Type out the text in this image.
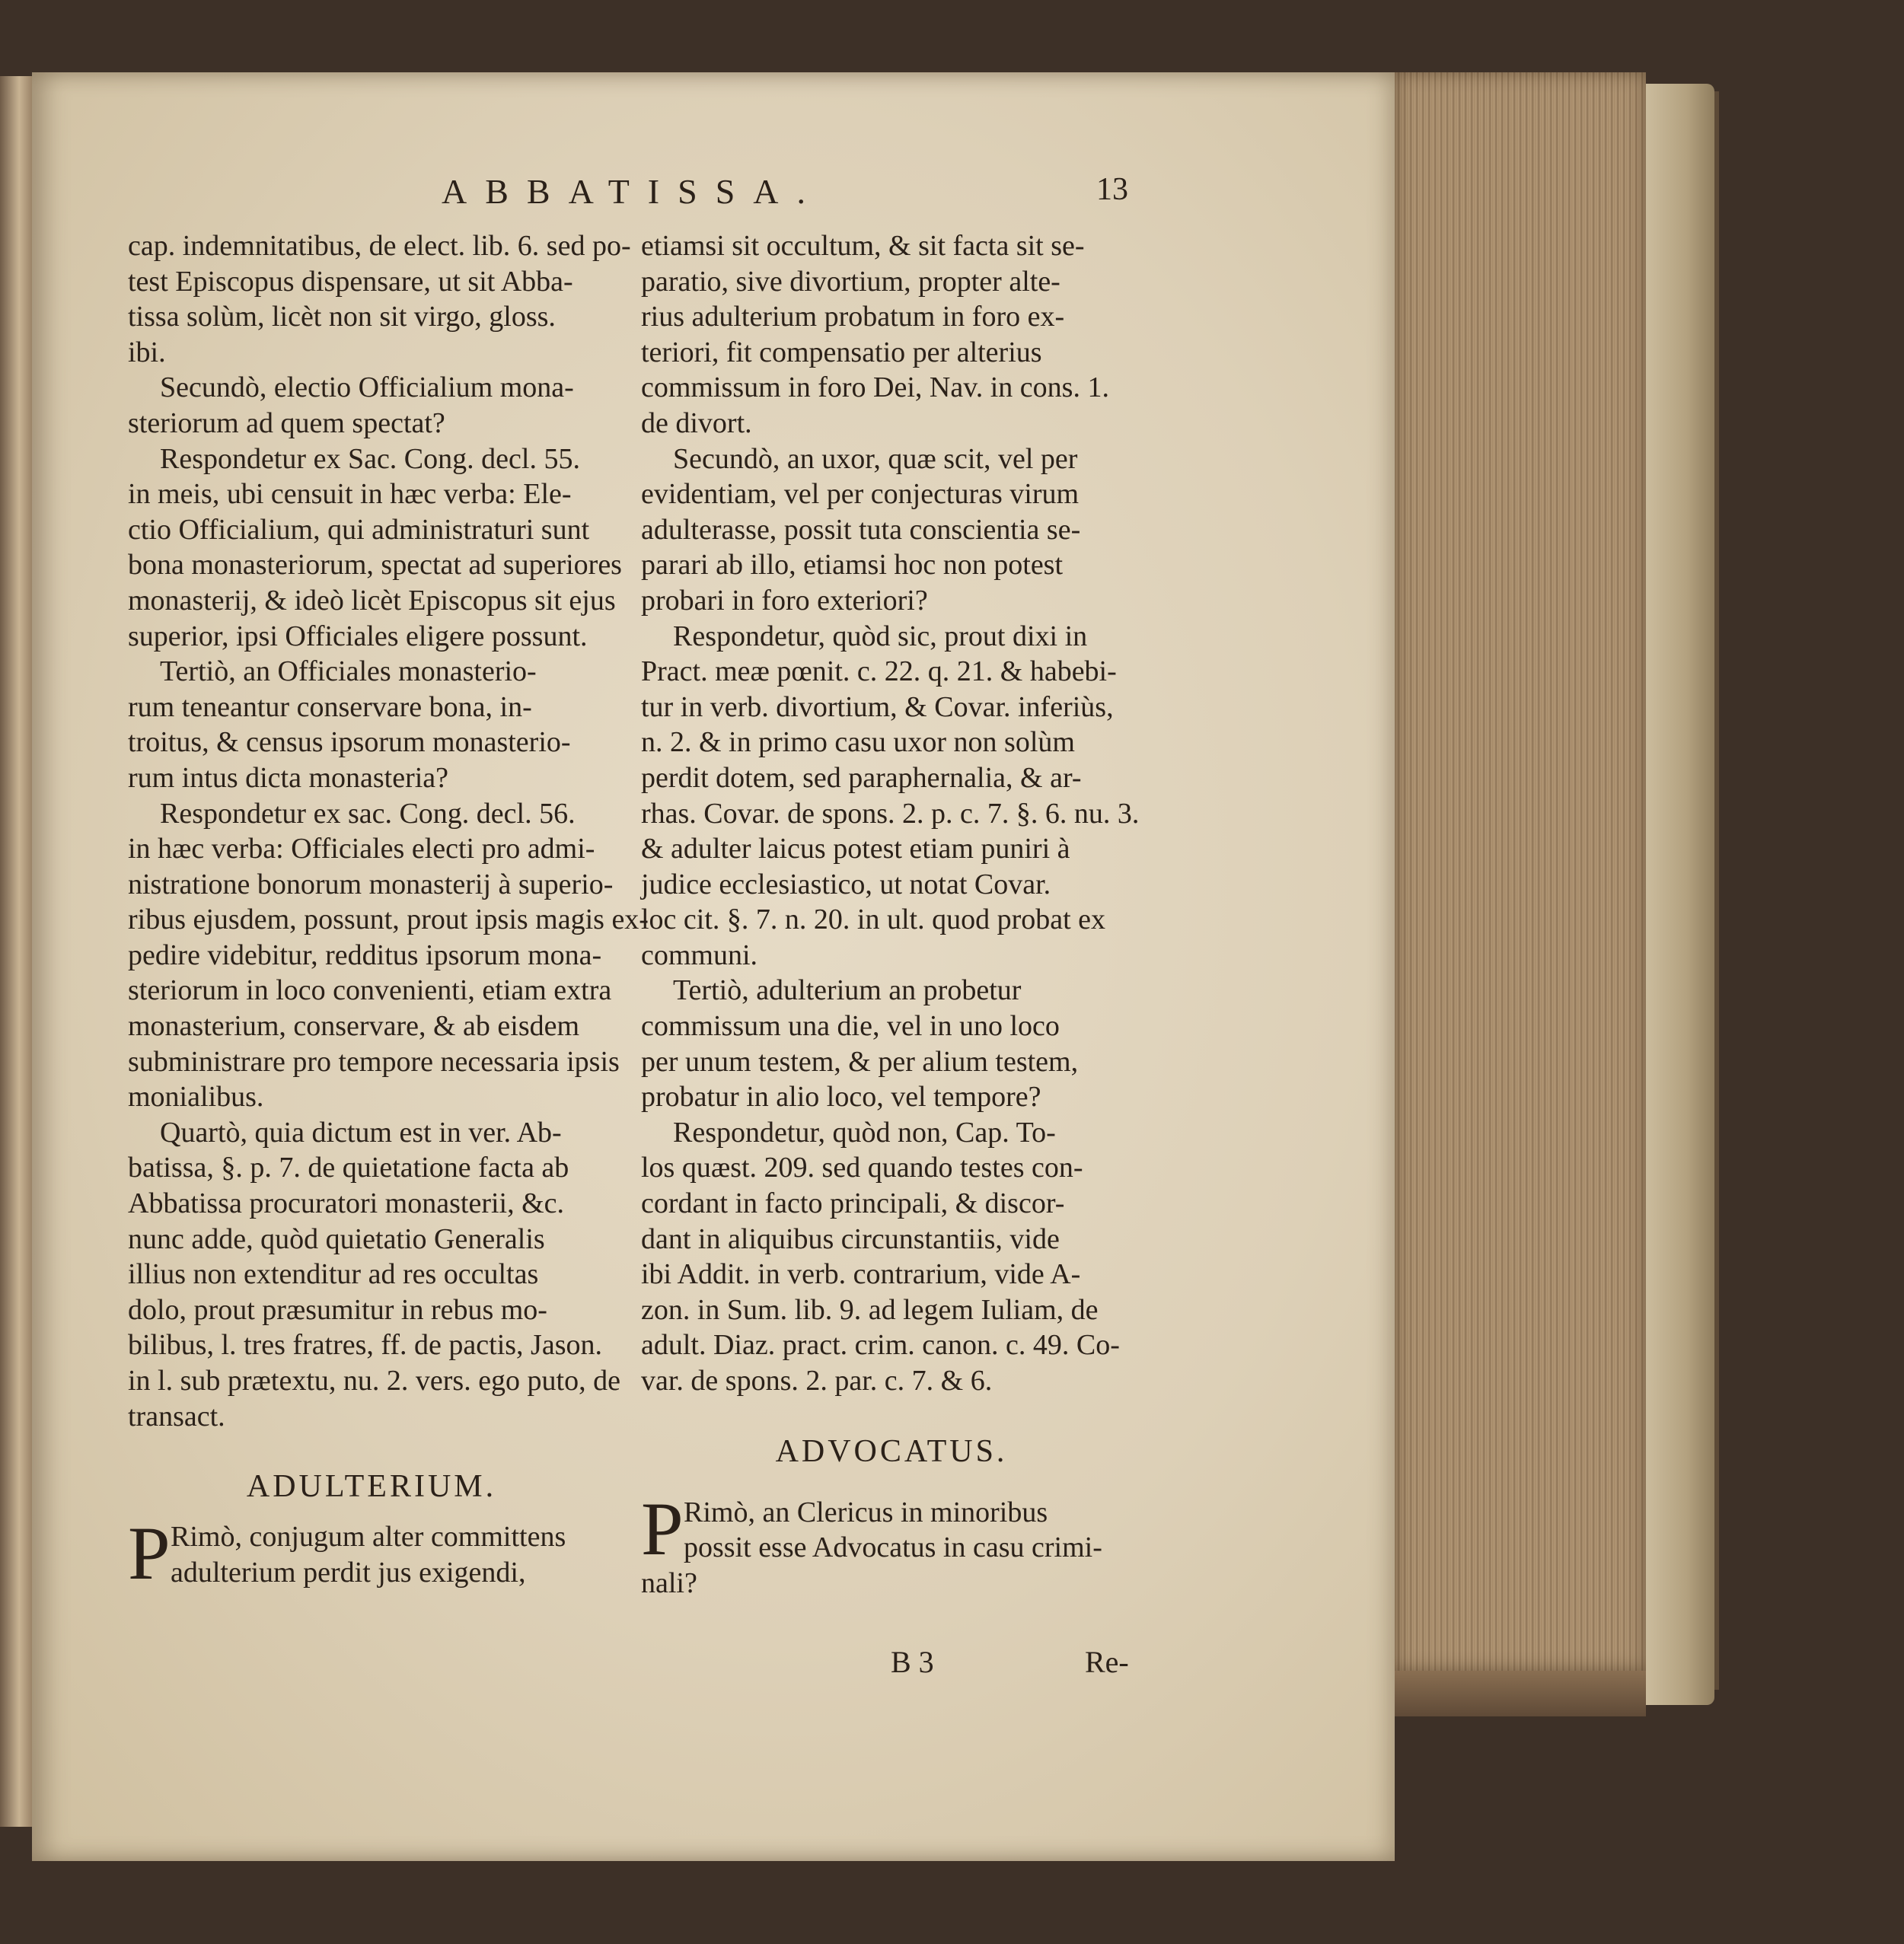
ABBATISSA.	13
cap. indemnitatibus, de elect. lib. 6. sed po-
test Episcopus dispensare, ut sit Abba-
tissa solùm, licèt non sit virgo, gloss.
ibi.
Secundò, electio Officialium mona-
steriorum ad quem spectat?
Respondetur ex Sac. Cong. decl. 55.
in meis, ubi censuit in hæc verba: Ele-
ctio Officialium, qui administraturi sunt
bona monasteriorum, spectat ad superiores
monasterij, & ideò licèt Episcopus sit ejus
superior, ipsi Officiales eligere possunt.
Tertiò, an Officiales monasterio-
rum teneantur conservare bona, in-
troitus, & census ipsorum monasterio-
rum intus dicta monasteria?
Respondetur ex sac. Cong. decl. 56.
in hæc verba: Officiales electi pro admi-
nistratione bonorum monasterij à superio-
ribus ejusdem, possunt, prout ipsis magis ex-
pedire videbitur, redditus ipsorum mona-
steriorum in loco convenienti, etiam extra
monasterium, conservare, & ab eisdem
subministrare pro tempore necessaria ipsis
monialibus.
Quartò, quia dictum est in ver. Ab-
batissa, §. p. 7. de quietatione facta ab
Abbatissa procuratori monasterii, &c.
nunc adde, quòd quietatio Generalis
illius non extenditur ad res occultas
dolo, prout præsumitur in rebus mo-
bilibus, l. tres fratres, ff. de pactis, Jason.
in l. sub prætextu, nu. 2. vers. ego puto, de
transact.
ADULTERIUM.
P Rimò, conjugum alter committens
adulterium perdit jus exigendi,
etiamsi sit occultum, & sit facta sit se-
paratio, sive divortium, propter alte-
rius adulterium probatum in foro ex-
teriori, fit compensatio per alterius
commissum in foro Dei, Nav. in cons. 1.
de divort.
Secundò, an uxor, quæ scit, vel per
evidentiam, vel per conjecturas virum
adulterasse, possit tuta conscientia se-
parari ab illo, etiamsi hoc non potest
probari in foro exteriori?
Respondetur, quòd sic, prout dixi in
Pract. meæ pœnit. c. 22. q. 21. & habebi-
tur in verb. divortium, & Covar. inferiùs,
n. 2. & in primo casu uxor non solùm
perdit dotem, sed paraphernalia, & ar-
rhas. Covar. de spons. 2. p. c. 7. §. 6. nu. 3.
& adulter laicus potest etiam puniri à
judice ecclesiastico, ut notat Covar.
loc cit. §. 7. n. 20. in ult. quod probat ex
communi.
Tertiò, adulterium an probetur
commissum una die, vel in uno loco
per unum testem, & per alium testem,
probatur in alio loco, vel tempore?
Respondetur, quòd non, Cap. To-
los quæst. 209. sed quando testes con-
cordant in facto principali, & discor-
dant in aliquibus circunstantiis, vide
ibi Addit. in verb. contrarium, vide A-
zon. in Sum. lib. 9. ad legem Iuliam, de
adult. Diaz. pract. crim. canon. c. 49. Co-
var. de spons. 2. par. c. 7. & 6.
ADVOCATUS.
P Rimò, an Clericus in minoribus
possit esse Advocatus in casu crimi-
nali?
B 3	Re-
